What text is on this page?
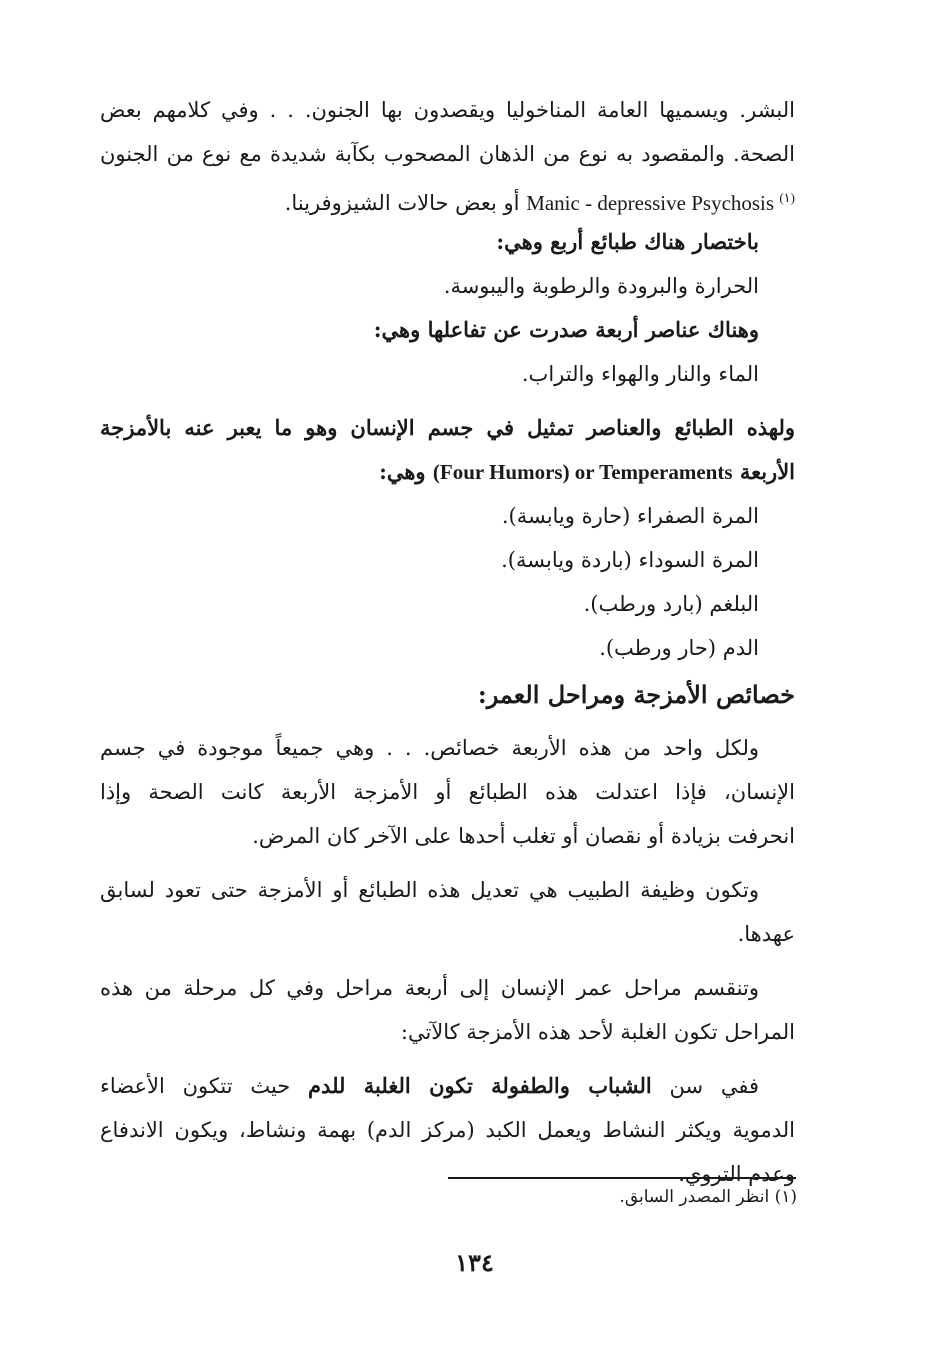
البشر. ويسميها العامة المناخوليا ويقصدون بها الجنون. . . وفي كلامهم بعض
الصحة. والمقصود به نوع من الذهان المصحوب بكآبة شديدة مع نوع من الجنون
Manic - depressive Psychosis $^{(١)}$ أو بعض حالات الشيزوفرينا.
باختصار هناك طبائع أربع وهي:
الحرارة والبرودة والرطوبة واليبوسة.
وهناك عناصر أربعة صدرت عن تفاعلها وهي:
الماء والنار والهواء والتراب.
ولهذه الطبائع والعناصر تمثيل في جسم الإنسان وهو ما يعبر عنه بالأمزجة
الأربعة (Four Humors) or Temperaments وهي:
المرة الصفراء (حارة ويابسة).
المرة السوداء (باردة ويابسة).
البلغم (بارد ورطب).
الدم (حار ورطب).
خصائص الأمزجة ومراحل العمر:
ولكل واحد من هذه الأربعة خصائص. . . وهي جميعاً موجودة في جسم
الإنسان، فإذا اعتدلت هذه الطبائع أو الأمزجة الأربعة كانت الصحة وإذا
انحرفت بزيادة أو نقصان أو تغلب أحدها على الآخر كان المرض.
وتكون وظيفة الطبيب هي تعديل هذه الطبائع أو الأمزجة حتى تعود لسابق
عهدها.
وتنقسم مراحل عمر الإنسان إلى أربعة مراحل وفي كل مرحلة من هذه
المراحل تكون الغلبة لأحد هذه الأمزجة كالآتي:
ففي سن الشباب والطفولة تكون الغلبة للدم حيث تتكون الأعضاء
الدموية ويكثر النشاط ويعمل الكبد (مركز الدم) بهمة ونشاط، ويكون الاندفاع
وعدم التروي.
(١) انظر المصدر السابق.
١٣٤
